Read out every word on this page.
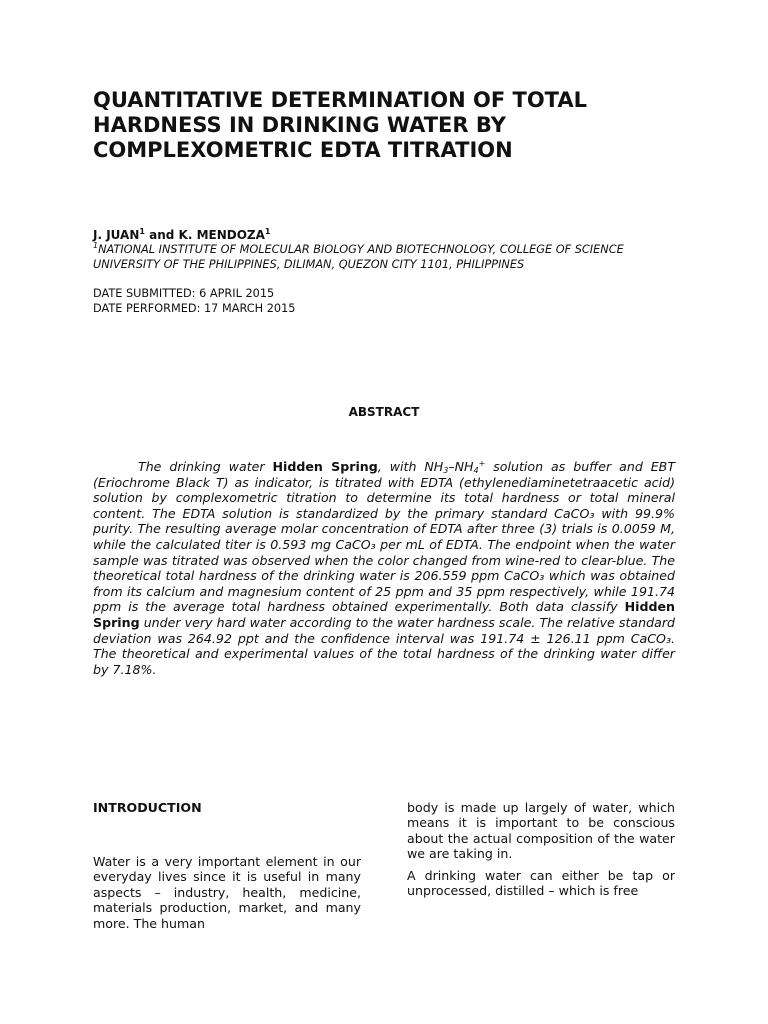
QUANTITATIVE DETERMINATION OF TOTAL
HARDNESS IN DRINKING WATER BY
COMPLEXOMETRIC EDTA TITRATION
J. JUAN$^1$ and K. MENDOZA$^1$
$^1$NATIONAL INSTITUTE OF MOLECULAR BIOLOGY AND BIOTECHNOLOGY, COLLEGE OF SCIENCE
UNIVERSITY OF THE PHILIPPINES, DILIMAN, QUEZON CITY 1101, PHILIPPINES
DATE SUBMITTED: 6 APRIL 2015
DATE PERFORMED: 17 MARCH 2015
ABSTRACT

The drinking water Hidden Spring, with $NH_3-NH_4^+$ solution as buffer and EBT (Eriochrome Black T) as indicator, is titrated with EDTA (ethylenediaminetetraacetic acid) solution by complexometric titration to determine its total hardness or total mineral content. The EDTA solution is standardized by the primary standard CaCO₃ with 99.9% purity. The resulting average molar concentration of EDTA after three (3) trials is 0.0059 M, while the calculated titer is 0.593 mg CaCO₃ per mL of EDTA. The endpoint when the water sample was titrated was observed when the color changed from wine-red to clear-blue. The theoretical total hardness of the drinking water is 206.559 ppm CaCO₃ which was obtained from its calcium and magnesium content of 25 ppm and 35 ppm respectively, while 191.74 ppm is the average total hardness obtained experimentally. Both data classify Hidden Spring under very hard water according to the water hardness scale. The relative standard deviation was 264.92 ppt and the confidence interval was 191.74 ± 126.11 ppm CaCO₃. The theoretical and experimental values of the total hardness of the drinking water differ by 7.18%.

INTRODUCTION

Water is a very important element in our everyday lives since it is useful in many aspects – industry, health, medicine, materials production, market, and many more. The human

body is made up largely of water, which means it is important to be conscious about the actual composition of the water we are taking in.

A drinking water can either be tap or unprocessed, distilled – which is free
